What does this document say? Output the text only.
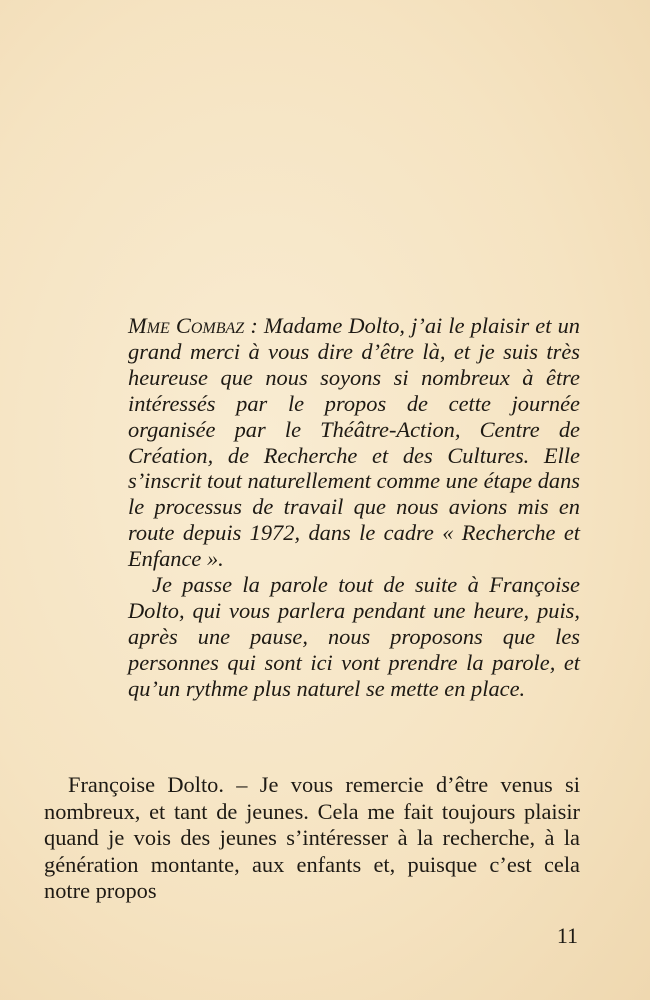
Mme Combaz : Madame Dolto, j’ai le plaisir et un grand merci à vous dire d’être là, et je suis très heureuse que nous soyons si nombreux à être intéressés par le propos de cette journée organisée par le Théâtre-Action, Centre de Création, de Recherche et des Cultures. Elle s’inscrit tout naturellement comme une étape dans le processus de travail que nous avions mis en route depuis 1972, dans le cadre « Recherche et Enfance ».

Je passe la parole tout de suite à Françoise Dolto, qui vous parlera pendant une heure, puis, après une pause, nous proposons que les personnes qui sont ici vont prendre la parole, et qu’un rythme plus naturel se mette en place.

Françoise Dolto. – Je vous remercie d’être venus si nombreux, et tant de jeunes. Cela me fait toujours plaisir quand je vois des jeunes s’intéresser à la recherche, à la génération montante, aux enfants et, puisque c’est cela notre propos

11
